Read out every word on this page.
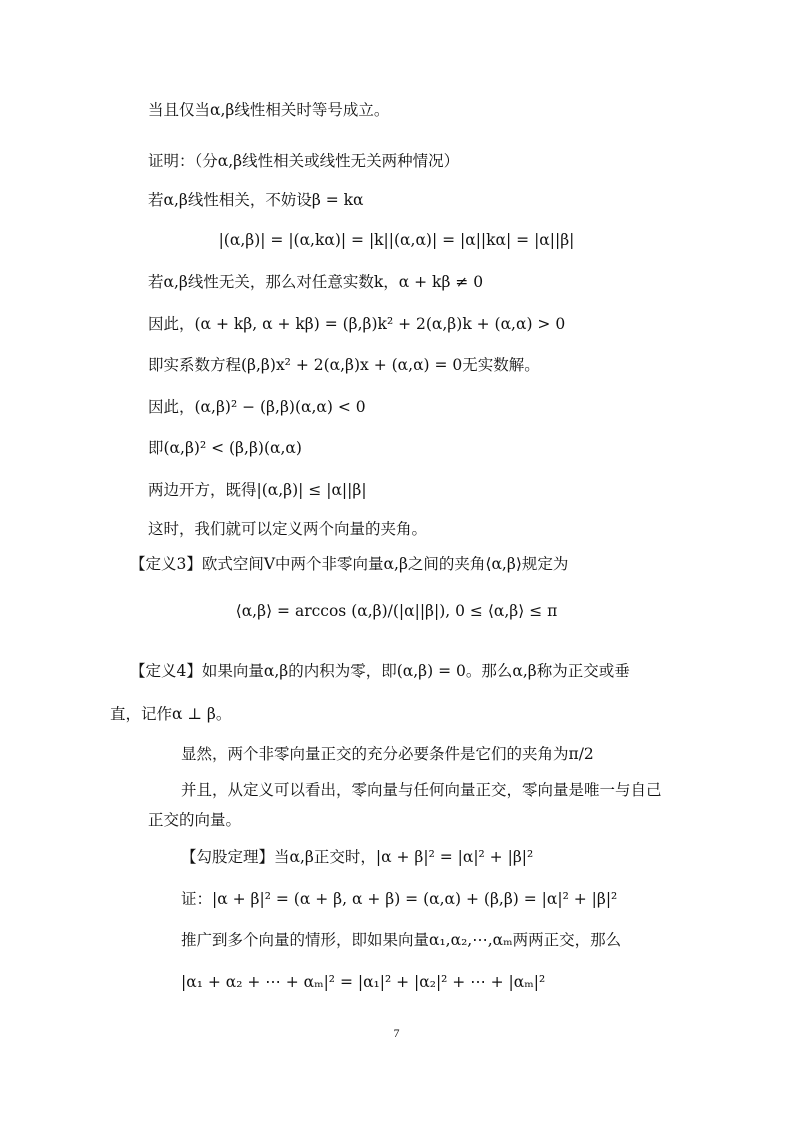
当且仅当α,β线性相关时等号成立。
证明：（分α,β线性相关或线性无关两种情况）
若α,β线性相关，不妨设β = kα
|(α,β)| = |(α,kα)| = |k||(α,α)| = |α||kα| = |α||β|
若α,β线性无关，那么对任意实数k，α + kβ ≠ 0
因此，(α + kβ, α + kβ) = (β,β)k² + 2(α,β)k + (α,α) > 0
即实系数方程(β,β)x² + 2(α,β)x + (α,α) = 0无实数解。
因此，(α,β)² − (β,β)(α,α) < 0
即(α,β)² < (β,β)(α,α)
两边开方，既得|(α,β)| ≤ |α||β|
这时，我们就可以定义两个向量的夹角。
【定义3】欧式空间V中两个非零向量α,β之间的夹角⟨α,β⟩规定为
⟨α,β⟩ = arccos (α,β)/(|α||β|), 0 ≤ ⟨α,β⟩ ≤ π
【定义4】如果向量α,β的内积为零，即(α,β) = 0。那么α,β称为正交或垂
直，记作α ⊥ β。
显然，两个非零向量正交的充分必要条件是它们的夹角为π/2
并且，从定义可以看出，零向量与任何向量正交，零向量是唯一与自己
正交的向量。
【勾股定理】当α,β正交时，|α + β|² = |α|² + |β|²
证：|α + β|² = (α + β, α + β) = (α,α) + (β,β) = |α|² + |β|²
推广到多个向量的情形，即如果向量α₁,α₂,⋯,αₘ两两正交，那么
|α₁ + α₂ + ⋯ + αₘ|² = |α₁|² + |α₂|² + ⋯ + |αₘ|²
7
